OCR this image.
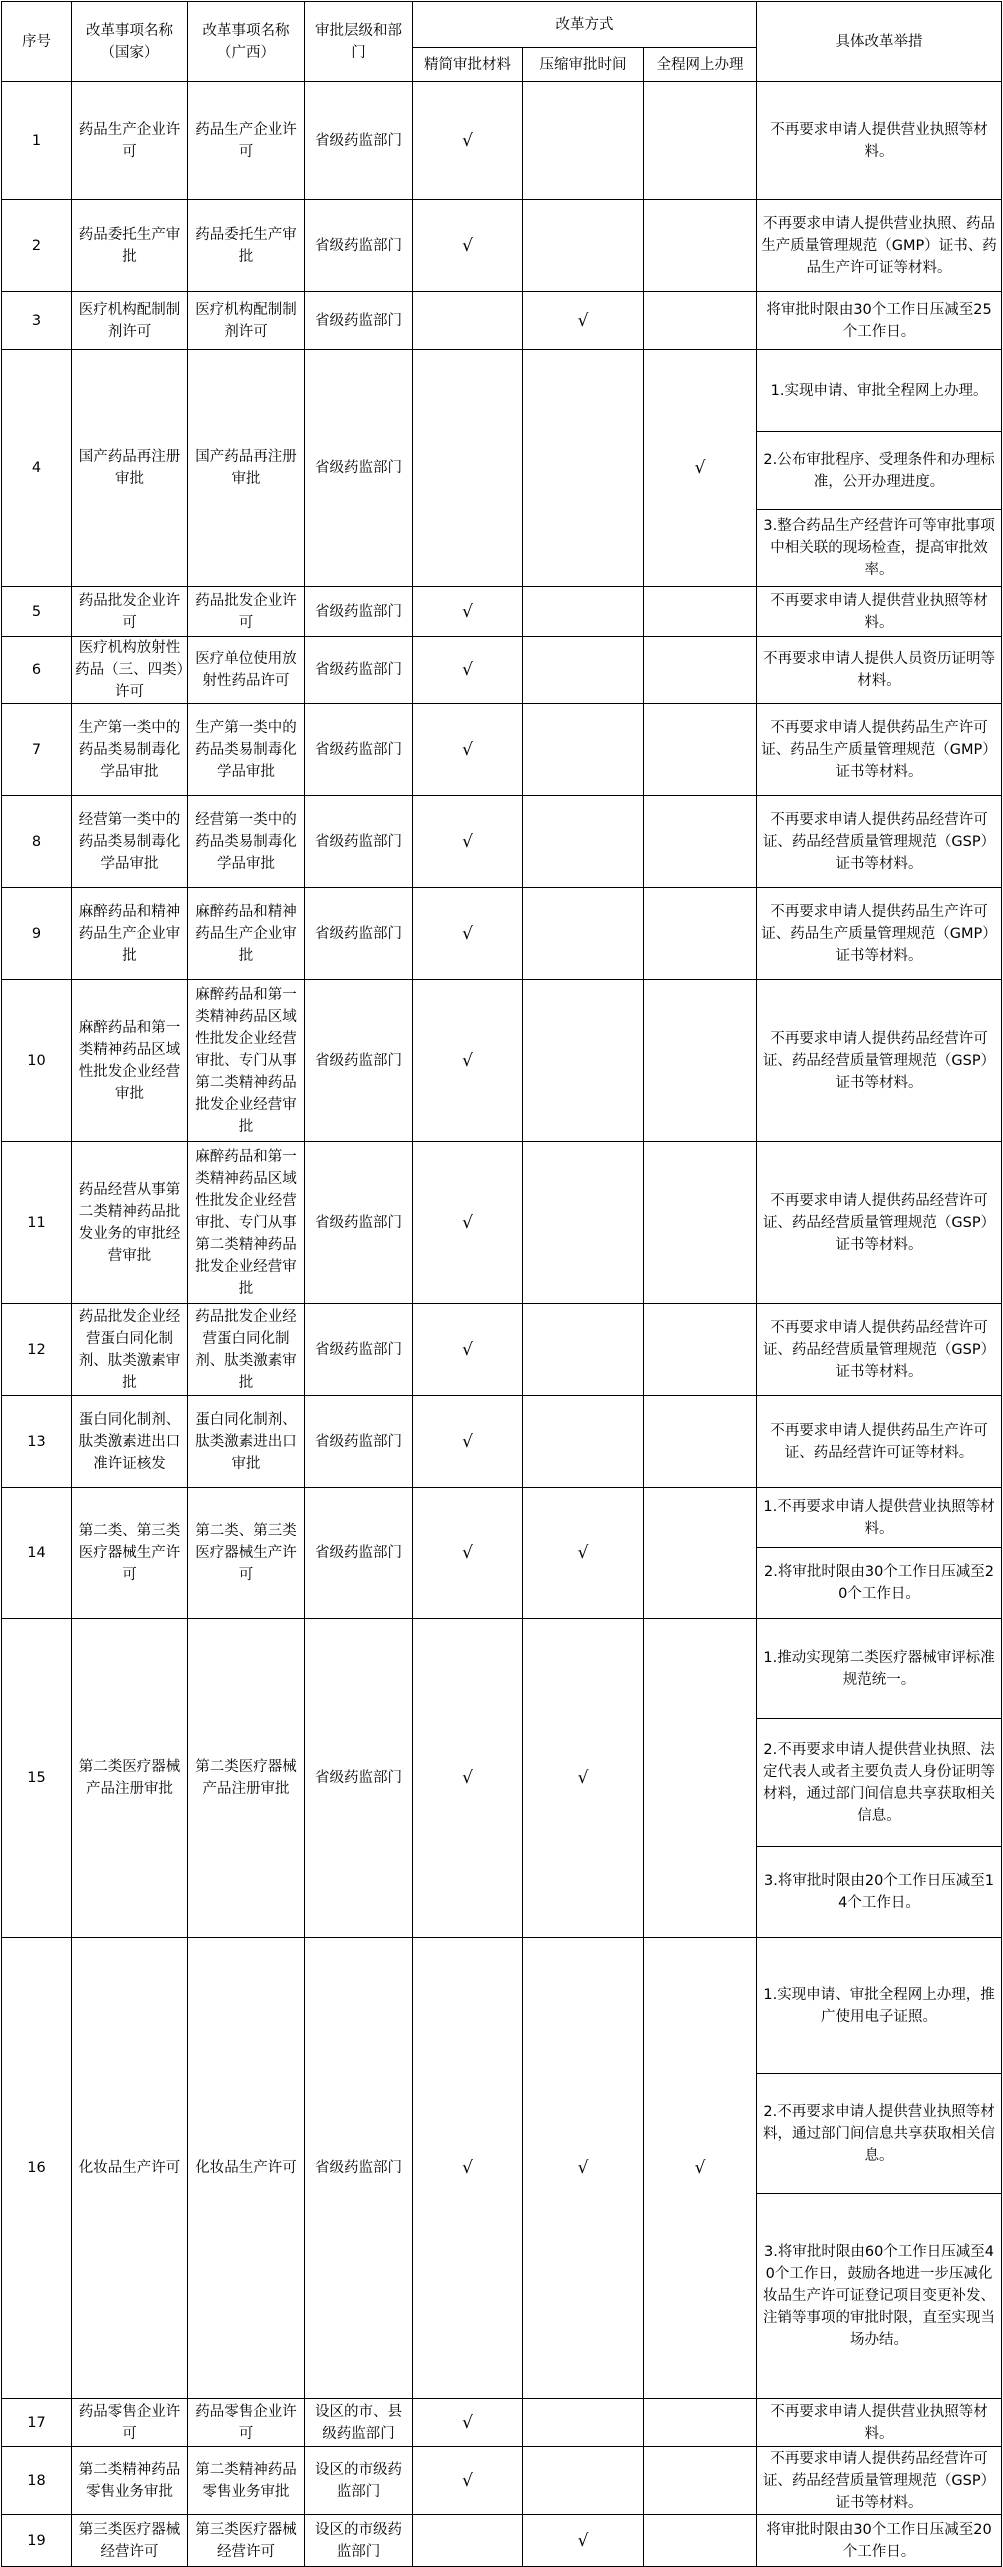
序号	改革事项名称（国家）	改革事项名称（广西）	审批层级和部门	改革方式			具体改革举措
				精简审批材料	压缩审批时间	全程网上办理	
1	药品生产企业许可	药品生产企业许可	省级药监部门	√			不再要求申请人提供营业执照等材料。
2	药品委托生产审批	药品委托生产审批	省级药监部门	√			不再要求申请人提供营业执照、药品生产质量管理规范（GMP）证书、药品生产许可证等材料。
3	医疗机构配制制剂许可	医疗机构配制制剂许可	省级药监部门		√		将审批时限由30个工作日压减至25个工作日。
4	国产药品再注册审批	国产药品再注册审批	省级药监部门			√	1.实现申请、审批全程网上办理。
2.公布审批程序、受理条件和办理标准，公开办理进度。
3.整合药品生产经营许可等审批事项中相关联的现场检查，提高审批效率。

5	药品批发企业许可	药品批发企业许可	省级药监部门	√			不再要求申请人提供营业执照等材料。
6	医疗机构放射性药品（三、四类）许可	医疗单位使用放射性药品许可	省级药监部门	√			不再要求申请人提供人员资历证明等材料。
7	生产第一类中的药品类易制毒化学品审批	生产第一类中的药品类易制毒化学品审批	省级药监部门	√			不再要求申请人提供药品生产许可证、药品生产质量管理规范（GMP）证书等材料。
8	经营第一类中的药品类易制毒化学品审批	经营第一类中的药品类易制毒化学品审批	省级药监部门	√			不再要求申请人提供药品经营许可证、药品经营质量管理规范（GSP）证书等材料。
9	麻醉药品和精神药品生产企业审批	麻醉药品和精神药品生产企业审批	省级药监部门	√			不再要求申请人提供药品生产许可证、药品生产质量管理规范（GMP）证书等材料。
10	麻醉药品和第一类精神药品区域性批发企业经营审批	麻醉药品和第一类精神药品区域性批发企业经营审批、专门从事第二类精神药品批发企业经营审批	省级药监部门	√			不再要求申请人提供药品经营许可证、药品经营质量管理规范（GSP）证书等材料。
11	药品经营从事第二类精神药品批发业务的审批经营审批	麻醉药品和第一类精神药品区域性批发企业经营审批、专门从事第二类精神药品批发企业经营审批	省级药监部门	√			不再要求申请人提供药品经营许可证、药品经营质量管理规范（GSP）证书等材料。
12	药品批发企业经营蛋白同化制剂、肽类激素审批	药品批发企业经营蛋白同化制剂、肽类激素审批	省级药监部门	√			不再要求申请人提供药品经营许可证、药品经营质量管理规范（GSP）证书等材料。
13	蛋白同化制剂、肽类激素进出口准许证核发	蛋白同化制剂、肽类激素进出口审批	省级药监部门	√			不再要求申请人提供药品生产许可证、药品经营许可证等材料。
14	第二类、第三类医疗器械生产许可	第二类、第三类医疗器械生产许可	省级药监部门	√	√		1.不再要求申请人提供营业执照等材料。
2.将审批时限由30个工作日压减至20个工作日。

15	第二类医疗器械产品注册审批	第二类医疗器械产品注册审批	省级药监部门	√	√		1.推动实现第二类医疗器械审评标准规范统一。
2.不再要求申请人提供营业执照、法定代表人或者主要负责人身份证明等材料，通过部门间信息共享获取相关信息。
3.将审批时限由20个工作日压减至14个工作日。

16	化妆品生产许可	化妆品生产许可	省级药监部门	√	√	√	1.实现申请、审批全程网上办理，推广使用电子证照。
2.不再要求申请人提供营业执照等材料，通过部门间信息共享获取相关信息。
3.将审批时限由60个工作日压减至40个工作日，鼓励各地进一步压减化妆品生产许可证登记项目变更补发、注销等事项的审批时限，直至实现当场办结。

17	药品零售企业许可	药品零售企业许可	设区的市、县级药监部门	√			不再要求申请人提供营业执照等材料。
18	第二类精神药品零售业务审批	第二类精神药品零售业务审批	设区的市级药监部门	√			不再要求申请人提供药品经营许可证、药品经营质量管理规范（GSP）证书等材料。
19	第三类医疗器械经营许可	第三类医疗器械经营许可	设区的市级药监部门		√		将审批时限由30个工作日压减至20个工作日。
